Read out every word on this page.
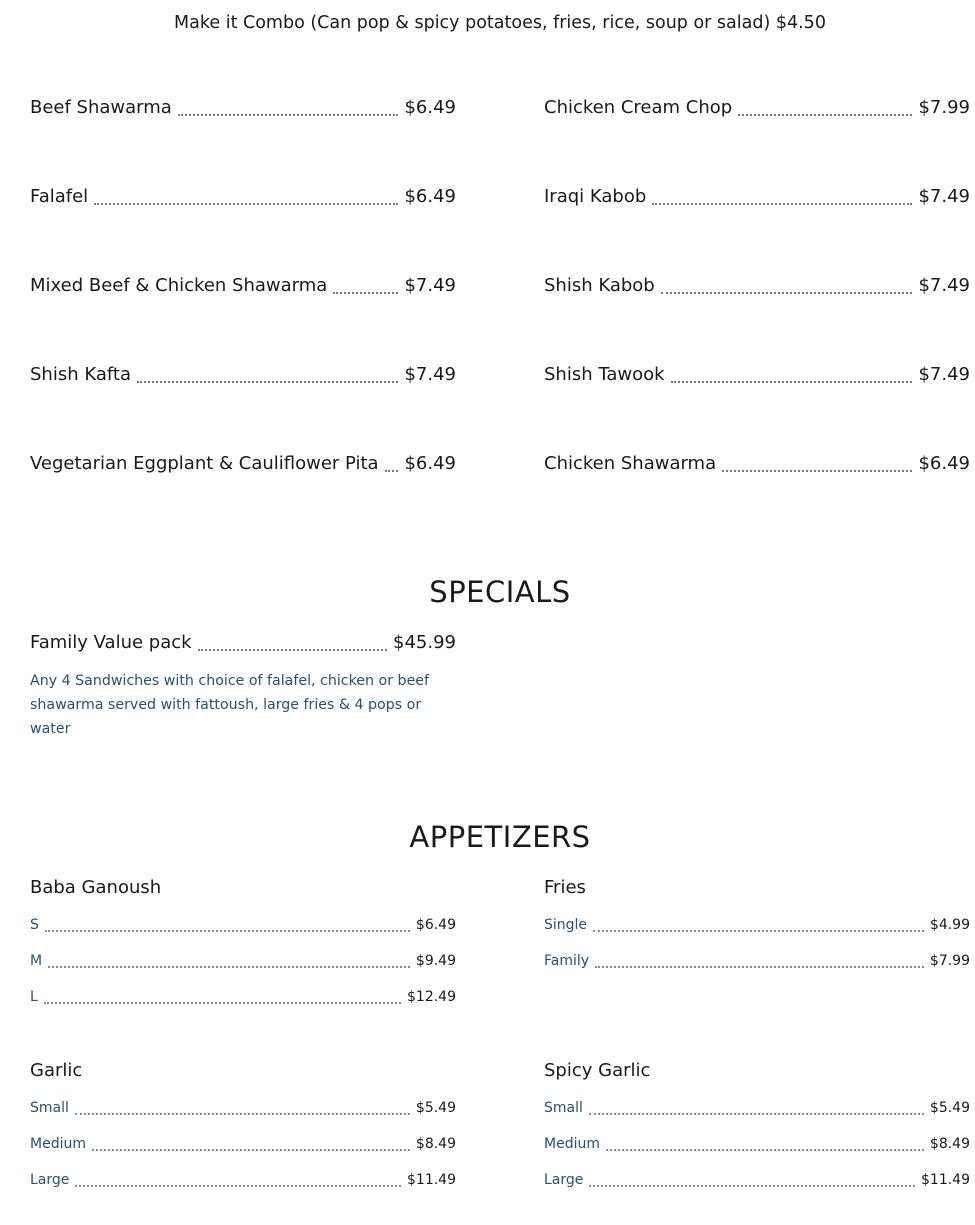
Make it Combo (Can pop & spicy potatoes, fries, rice, soup or salad) $4.50
Beef Shawarma	$6.49
Falafel	$6.49
Mixed Beef & Chicken Shawarma	$7.49
Shish Kafta	$7.49
Vegetarian Eggplant & Cauliflower Pita $6.49
Chicken Cream Chop	$7.99
Iraqi Kabob	$7.49
Shish Kabob	$7.49
Shish Tawook	$7.49
Chicken Shawarma	$6.49
SPECIALS
Family Value pack	$45.99
Any 4 Sandwiches with choice of falafel, chicken or beef shawarma served with fattoush, large fries & 4 pops or water
APPETIZERS
Baba Ganoush
S	$6.49
M	$9.49
L	$12.49
Fries
Single	$4.99
Family	$7.99
Garlic
Small	$5.49
Medium	$8.49
Large	$11.49
Spicy Garlic
Small	$5.49
Medium	$8.49
Large	$11.49
